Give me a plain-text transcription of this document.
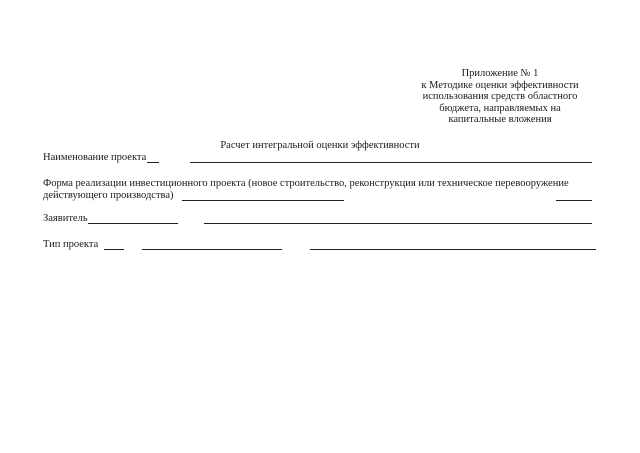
Приложение № 1
к Методике оценки эффективности
использования средств областного
бюджета, направляемых на
капитальные вложения
Расчет интегральной оценки эффективности
Наименование проекта
Форма реализации инвестиционного проекта (новое строительство, реконструкция или техническое перевооружение
действующего производства)
Заявитель
Тип проекта
